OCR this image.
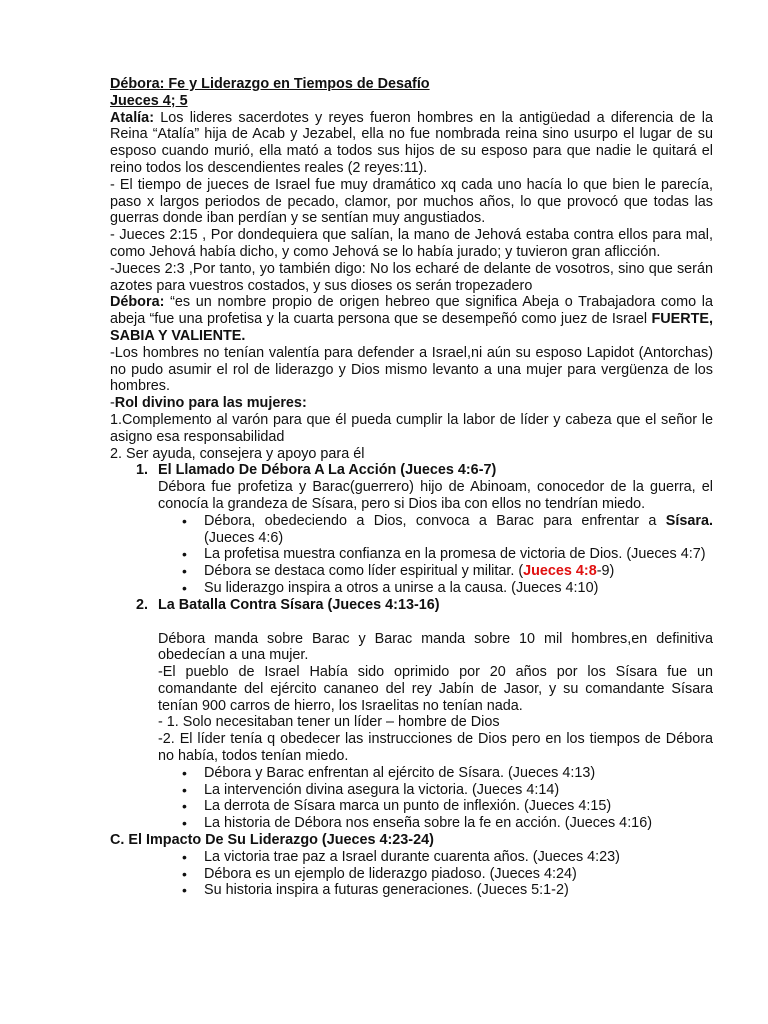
Débora: Fe y Liderazgo en Tiempos de Desafío

Jueces 4; 5

Atalía: Los lideres sacerdotes y reyes fueron hombres en la antigüedad a diferencia de la Reina “Atalía” hija de Acab y Jezabel, ella no fue nombrada reina sino usurpo el lugar de su esposo cuando murió, ella mató a todos sus hijos de su esposo para que nadie le quitará el reino todos los descendientes reales (2 reyes:11).

- El tiempo de jueces de Israel fue muy dramático xq cada uno hacía lo que bien le parecía, paso x largos periodos de pecado, clamor, por muchos años, lo que provocó que todas las guerras donde iban perdían y se sentían muy angustiados.

- Jueces 2:15 , Por dondequiera que salían, la mano de Jehová estaba contra ellos para mal, como Jehová había dicho, y como Jehová se lo había jurado; y tuvieron gran aflicción.

-Jueces 2:3 ,Por tanto, yo también digo: No los echaré de delante de vosotros, sino que serán azotes para vuestros costados, y sus dioses os serán tropezadero

Débora: “es un nombre propio de origen hebreo que significa Abeja o Trabajadora como la abeja “fue una profetisa y la cuarta persona que se desempeñó como juez de Israel FUERTE, SABIA Y VALIENTE.

-Los hombres no tenían valentía para defender a Israel,ni aún su esposo Lapidot (Antorchas) no pudo asumir el rol de liderazgo y Dios mismo levanto a una mujer para vergüenza de los hombres.

-Rol divino para las mujeres:

1.Complemento al varón para que él pueda cumplir la labor de líder y cabeza que el señor le asigno esa responsabilidad

2. Ser ayuda, consejera y apoyo para él

1. El Llamado De Débora A La Acción (Jueces 4:6-7)

Débora fue profetiza y Barac(guerrero) hijo de Abinoam, conocedor de la guerra, el conocía la grandeza de Sísara, pero si Dios iba con ellos no tendrían miedo.

• Débora, obedeciendo a Dios, convoca a Barac para enfrentar a Sísara. (Jueces 4:6)
• La profetisa muestra confianza en la promesa de victoria de Dios. (Jueces 4:7)
• Débora se destaca como líder espiritual y militar. (Jueces 4:8-9)
• Su liderazgo inspira a otros a unirse a la causa. (Jueces 4:10)
2. La Batalla Contra Sísara (Jueces 4:13-16)

Débora manda sobre Barac y Barac manda sobre 10 mil hombres,en definitiva obedecían a una mujer.

-El pueblo de Israel Había sido oprimido por 20 años por los Sísara fue un comandante del ejército cananeo del rey Jabín de Jasor, y su comandante Sísara tenían 900 carros de hierro, los Israelitas no tenían nada.

- 1. Solo necesitaban tener un líder – hombre de Dios

-2. El líder tenía q obedecer las instrucciones de Dios pero en los tiempos de Débora no había, todos tenían miedo.

• Débora y Barac enfrentan al ejército de Sísara. (Jueces 4:13)
• La intervención divina asegura la victoria. (Jueces 4:14)
• La derrota de Sísara marca un punto de inflexión. (Jueces 4:15)
• La historia de Débora nos enseña sobre la fe en acción. (Jueces 4:16)

C. El Impacto De Su Liderazgo (Jueces 4:23-24)

• La victoria trae paz a Israel durante cuarenta años. (Jueces 4:23)
• Débora es un ejemplo de liderazgo piadoso. (Jueces 4:24)
• Su historia inspira a futuras generaciones. (Jueces 5:1-2)
